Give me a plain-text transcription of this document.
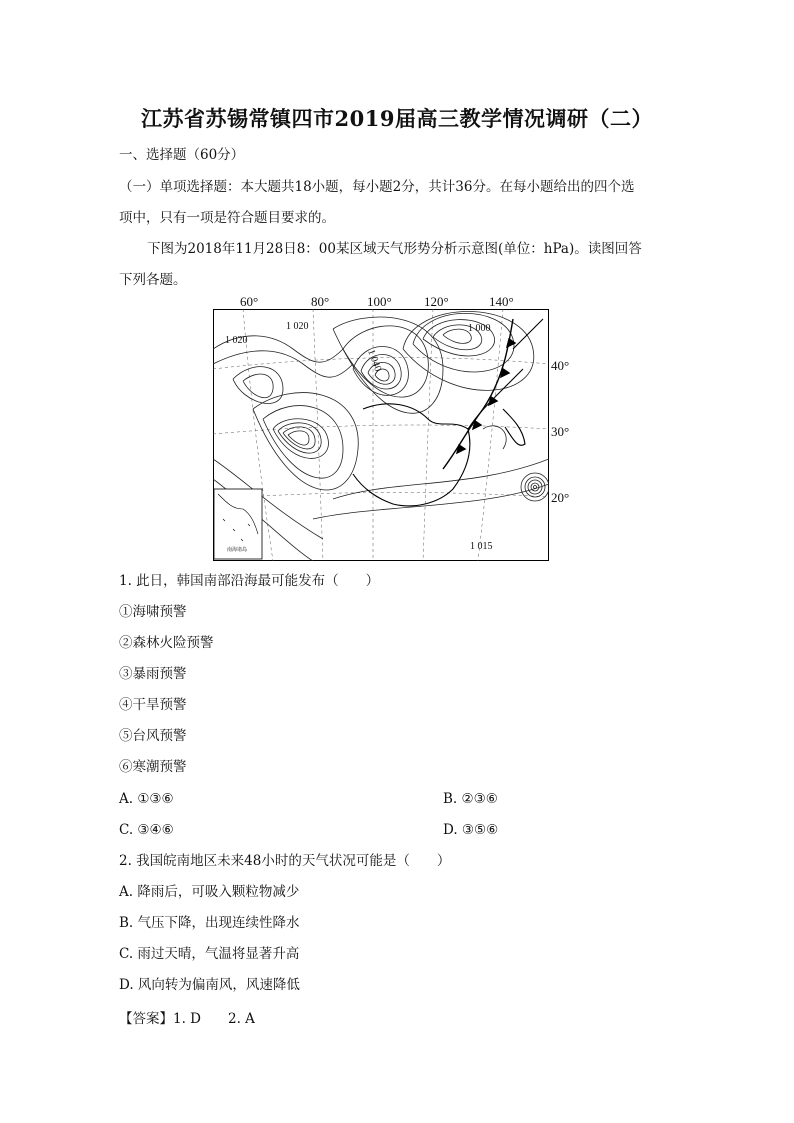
江苏省苏锡常镇四市2019届高三教学情况调研（二）
一、选择题（60分）
（一）单项选择题：本大题共18小题，每小题2分，共计36分。在每小题给出的四个选
项中，只有一项是符合题目要求的。
下图为2018年11月28日8：00某区域天气形势分析示意图(单位：hPa)。读图回答
下列各题。
60°	80°	100° 120°	140°
1 020
1 020
1 040
1 000
1 015
南海诸岛
40°
30°
20°
1. 此日，韩国南部沿海最可能发布（　　）
①海啸预警
②森林火险预警
③暴雨预警
④干旱预警
⑤台风预警
⑥寒潮预警
A. ①③⑥	B. ②③⑥
C. ③④⑥	D. ③⑤⑥
2. 我国皖南地区未来48小时的天气状况可能是（　　）
A. 降雨后，可吸入颗粒物减少
B. 气压下降，出现连续性降水
C. 雨过天晴，气温将显著升高
D. 风向转为偏南风，风速降低
【答案】1. D　　2. A
